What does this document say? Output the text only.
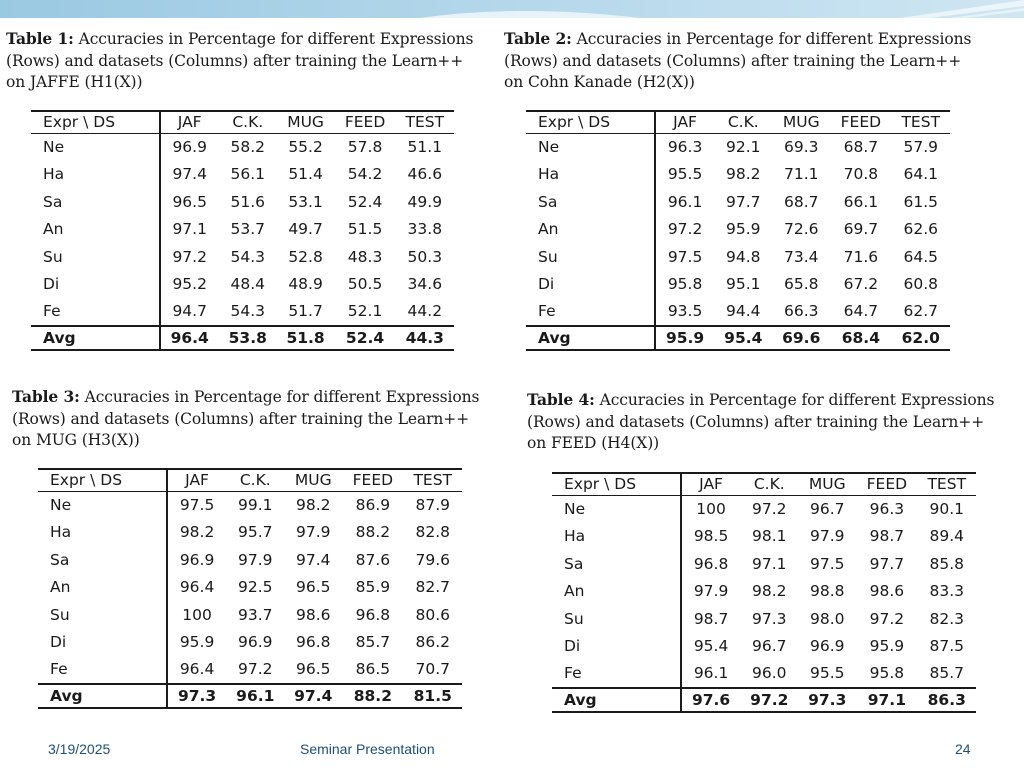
Table 1: Accuracies in Percentage for different Expressions (Rows) and datasets (Columns) after training the Learn++ on JAFFE (H1(X))
Expr \ DS	JAF	C.K.	MUG	FEED	TEST
Ne	96.9	58.2	55.2	57.8	51.1
Ha	97.4	56.1	51.4	54.2	46.6
Sa	96.5	51.6	53.1	52.4	49.9
An	97.1	53.7	49.7	51.5	33.8
Su	97.2	54.3	52.8	48.3	50.3
Di	95.2	48.4	48.9	50.5	34.6
Fe	94.7	54.3	51.7	52.1	44.2
Avg	96.4	53.8	51.8	52.4	44.3
Table 2: Accuracies in Percentage for different Expressions (Rows) and datasets (Columns) after training the Learn++ on Cohn Kanade (H2(X))
Expr \ DS	JAF	C.K.	MUG	FEED	TEST
Ne	96.3	92.1	69.3	68.7	57.9
Ha	95.5	98.2	71.1	70.8	64.1
Sa	96.1	97.7	68.7	66.1	61.5
An	97.2	95.9	72.6	69.7	62.6
Su	97.5	94.8	73.4	71.6	64.5
Di	95.8	95.1	65.8	67.2	60.8
Fe	93.5	94.4	66.3	64.7	62.7
Avg	95.9	95.4	69.6	68.4	62.0
Table 3: Accuracies in Percentage for different Expressions (Rows) and datasets (Columns) after training the Learn++ on MUG (H3(X))
Expr \ DS	JAF	C.K.	MUG	FEED	TEST
Ne	97.5	99.1	98.2	86.9	87.9
Ha	98.2	95.7	97.9	88.2	82.8
Sa	96.9	97.9	97.4	87.6	79.6
An	96.4	92.5	96.5	85.9	82.7
Su	100	93.7	98.6	96.8	80.6
Di	95.9	96.9	96.8	85.7	86.2
Fe	96.4	97.2	96.5	86.5	70.7
Avg	97.3	96.1	97.4	88.2	81.5
Table 4: Accuracies in Percentage for different Expressions (Rows) and datasets (Columns) after training the Learn++ on FEED (H4(X))
Expr \ DS	JAF	C.K.	MUG	FEED	TEST
Ne	100	97.2	96.7	96.3	90.1
Ha	98.5	98.1	97.9	98.7	89.4
Sa	96.8	97.1	97.5	97.7	85.8
An	97.9	98.2	98.8	98.6	83.3
Su	98.7	97.3	98.0	97.2	82.3
Di	95.4	96.7	96.9	95.9	87.5
Fe	96.1	96.0	95.5	95.8	85.7
Avg	97.6	97.2	97.3	97.1	86.3
3/19/2025	Seminar Presentation	24
